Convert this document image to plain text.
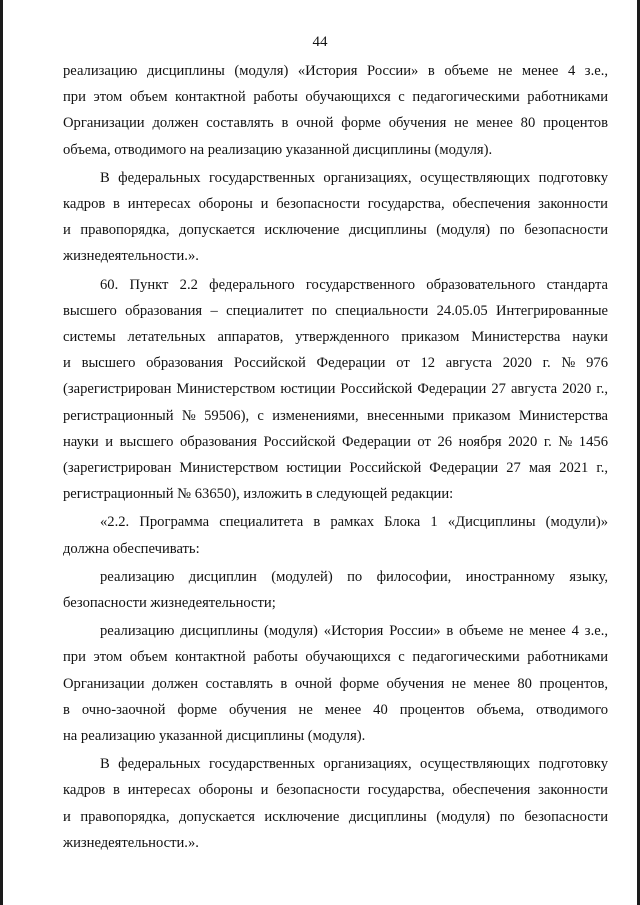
44

реализацию дисциплины (модуля) «История России» в объеме не менее 4 з.е.,
при этом объем контактной работы обучающихся с педагогическими работниками
Организации должен составлять в очной форме обучения не менее 80 процентов
объема, отводимого на реализацию указанной дисциплины (модуля).

В федеральных государственных организациях, осуществляющих подготовку
кадров в интересах обороны и безопасности государства, обеспечения законности
и правопорядка, допускается исключение дисциплины (модуля) по безопасности
жизнедеятельности.».

60. Пункт 2.2 федерального государственного образовательного стандарта
высшего образования – специалитет по специальности 24.05.05 Интегрированные
системы летательных аппаратов, утвержденного приказом Министерства науки
и высшего образования Российской Федерации от 12 августа 2020 г. № 976
(зарегистрирован Министерством юстиции Российской Федерации 27 августа 2020 г.,
регистрационный № 59506), с изменениями, внесенными приказом Министерства
науки и высшего образования Российской Федерации от 26 ноября 2020 г. № 1456
(зарегистрирован Министерством юстиции Российской Федерации 27 мая 2021 г.,
регистрационный № 63650), изложить в следующей редакции:

«2.2. Программа специалитета в рамках Блока 1 «Дисциплины (модули)»
должна обеспечивать:

реализацию дисциплин (модулей) по философии, иностранному языку,
безопасности жизнедеятельности;

реализацию дисциплины (модуля) «История России» в объеме не менее 4 з.е.,
при этом объем контактной работы обучающихся с педагогическими работниками
Организации должен составлять в очной форме обучения не менее 80 процентов,
в очно-заочной форме обучения не менее 40 процентов объема, отводимого
на реализацию указанной дисциплины (модуля).

В федеральных государственных организациях, осуществляющих подготовку
кадров в интересах обороны и безопасности государства, обеспечения законности
и правопорядка, допускается исключение дисциплины (модуля) по безопасности
жизнедеятельности.».
